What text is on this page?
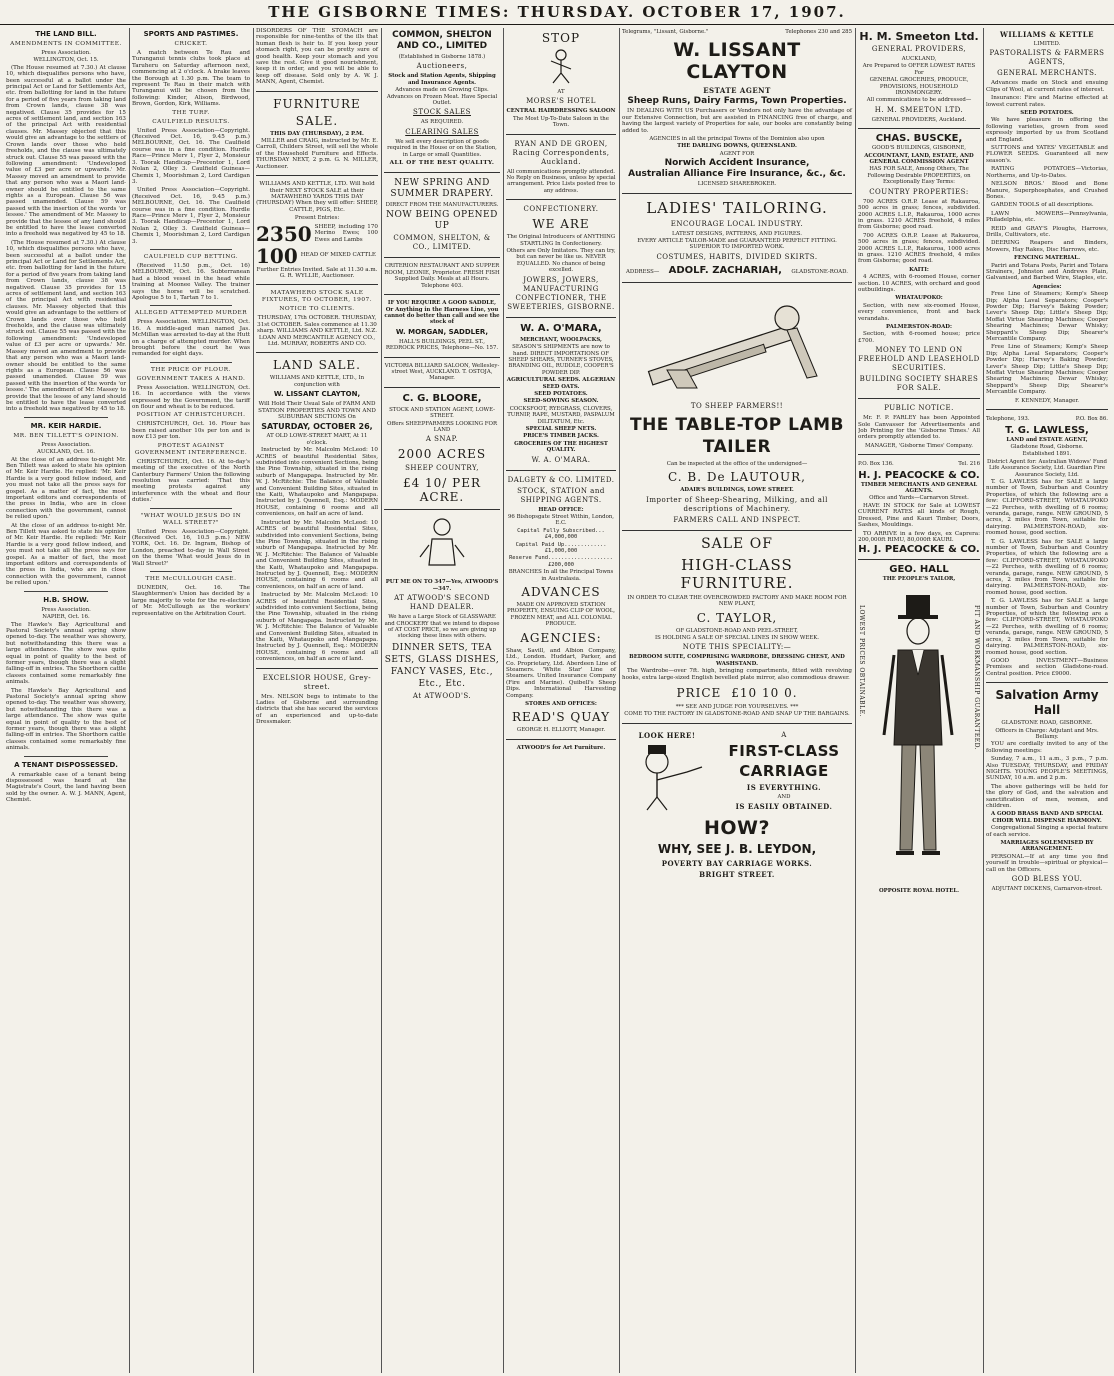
THE GISBORNE TIMES: THURSDAY. OCTOBER 17, 1907.
THE LAND BILL.
AMENDMENTS IN COMMITTEE.
Press Association.
WELLINGTON, Oct. 15.

(The House resumed at 7.30.) At clause 10, which disqualifies persons who have, been successful at a ballot under the principal Act or Land for Settlements Act, etc. from ballotting for land in the future for a period of five years from taking land from Crown lands, clause 38 was negatived. Clause 35 provides for 15 acres of settlement land, and section 163 of the principal Act with residential clauses. Mr. Massey objected that this would give an advantage to the settlers of Crown lands over those who held freeholds, and the clause was ultimately struck out. Clause 55 was passed with the following amendment: 'Undeveloped value of £3 per acre or upwards.' Mr. Massey moved an amendment to provide that any person who was a Maori land-owner should be entitled to the same rights as a European. Clause 56 was passed unamended. Clause 59 was passed with the insertion of the words 'or lessee.' The amendment of Mr. Massey to provide that the lessee of any land should be entitled to have the lease converted into a freehold was negatived by 45 to 18.

(The House resumed at 7.30.) At clause 10, which disqualifies persons who have, been successful at a ballot under the principal Act or Land for Settlements Act, etc. from ballotting for land in the future for a period of five years from taking land from Crown lands, clause 38 was negatived. Clause 35 provides for 15 acres of settlement land, and section 163 of the principal Act with residential clauses. Mr. Massey objected that this would give an advantage to the settlers of Crown lands over those who held freeholds, and the clause was ultimately struck out. Clause 55 was passed with the following amendment: 'Undeveloped value of £3 per acre or upwards.' Mr. Massey moved an amendment to provide that any person who was a Maori land-owner should be entitled to the same rights as a European. Clause 56 was passed unamended. Clause 59 was passed with the insertion of the words 'or lessee.' The amendment of Mr. Massey to provide that the lessee of any land should be entitled to have the lease converted into a freehold was negatived by 45 to 18.

MR. KEIR HARDIE.
MR. BEN TILLETT'S OPINION.
Press Association.
AUCKLAND, Oct. 16.

At the close of an address to-night Mr. Ben Tillett was asked to state his opinion of Mr. Keir Hardie. He replied: 'Mr. Keir Hardie is a very good fellow indeed, and you must not take all the press says for gospel. As a matter of fact, the most important editors and correspondents of the press in India, who are in close connection with the government, cannot be relied upon.'

At the close of an address to-night Mr. Ben Tillett was asked to state his opinion of Mr. Keir Hardie. He replied: 'Mr. Keir Hardie is a very good fellow indeed, and you must not take all the press says for gospel. As a matter of fact, the most important editors and correspondents of the press in India, who are in close connection with the government, cannot be relied upon.'

H.B. SHOW.
Press Association.
NAPIER, Oct. 16.

The Hawke's Bay Agricultural and Pastoral Society's annual spring show opened to-day. The weather was showery, but notwithstanding this there was a large attendance. The show was quite equal in point of quality to the best of former years, though there was a slight falling-off in entries. The Shorthorn cattle classes contained some remarkably fine animals.

The Hawke's Bay Agricultural and Pastoral Society's annual spring show opened to-day. The weather was showery, but notwithstanding this there was a large attendance. The show was quite equal in point of quality to the best of former years, though there was a slight falling-off in entries. The Shorthorn cattle classes contained some remarkably fine animals.

A TENANT DISPOSSESSED.

A remarkable case of a tenant being dispossessed was heard at the Magistrate's Court, the land having been sold by the owner. A. W. J. MANN, Agent, Chemist.

SPORTS AND PASTIMES.
CRICKET.

A match between Te Rau and Turanganui tennis clubs took place at Taruheru on Saturday afternoon next, commencing at 2 o'clock. A brake leaves the Borough at 1.30 p.m. The team to represent Te Rau in their match with Turanganui will be chosen from the following: Kinder, Alison, Birdwood, Brown, Gordon, Kirk, Williams.

THE TURF.
CAULFIELD RESULTS.

United Press Association—Copyright. (Received Oct. 16, 9.45 p.m.) MELBOURNE, Oct. 16. The Caulfield course was in a fine condition. Hurdle Race—Prince Merv 1, Flyer 2, Monsieur 3. Toorak Handicap—Precentor 1, Lord Nolan 2, Olley 3. Caulfield Guineas—Chemix 1, Moorishman 2, Lord Cardigan 3.

United Press Association—Copyright. (Received Oct. 16, 9.45 p.m.) MELBOURNE, Oct. 16. The Caulfield course was in a fine condition. Hurdle Race—Prince Merv 1, Flyer 2, Monsieur 3. Toorak Handicap—Precentor 1, Lord Nolan 2, Olley 3. Caulfield Guineas—Chemix 1, Moorishman 2, Lord Cardigan 3.

CAULFIELD CUP BETTING.

(Received 11.50 p.m., Oct. 16) MELBOURNE, Oct. 16. Subterranean had a blood vessel in the head while training at Moonee Valley. The trainer says the horse will be scratched. Apologue 5 to 1, Tartan 7 to 1.

ALLEGED ATTEMPTED MURDER

Press Association. WELLINGTON, Oct. 16. A middle-aged man named Jas. McMillan was arrested to-day at the Hutt on a charge of attempted murder. When brought before the court he was remanded for eight days.

THE PRICE OF FLOUR.
GOVERNMENT TAKES A HAND.

Press Association. WELLINGTON, Oct. 16. In accordance with the views expressed by the Government, the tariff on flour and wheat is to be reduced.

POSITION AT CHRISTCHURCH.

CHRISTCHURCH, Oct. 16. Flour has been raised another 10s per ton and is now £13 per ton.

PROTEST AGAINST GOVERNMENT INTERFERENCE.

CHRISTCHURCH, Oct. 16. At to-day's meeting of the executive of the North Canterbury Farmers' Union the following resolution was carried: 'That this meeting protests against any interference with the wheat and flour duties.'

"WHAT WOULD JESUS DO IN WALL STREET?"

United Press Association—Copyright. (Received Oct. 16, 10.5 p.m.) NEW YORK, Oct. 16. Dr. Ingram, Bishop of London, preached to-day in Wall Street on the theme 'What would Jesus do in Wall Street?'

THE McCULLOUGH CASE.

DUNEDIN, Oct. 16. The Slaughtermen's Union has decided by a large majority to vote for the re-election of Mr. McCullough as the workers' representative on the Arbitration Court.

DISORDERS OF THE STOMACH are responsible for nine-tenths of the ills that human flesh is heir to. If you keep your stomach right, you can be pretty sure of good health. Keep your stomach and you save the rest. Give it good nourishment, keep it in order, and you will be able to keep off disease. Sold only by A. W. J. MANN, Agent, Chemist.

FURNITURE
SALE.
THIS DAY (THURSDAY), 2 P.M.

MILLER and CRAIG, instructed by Mr. E. Carroll, Childers Street, will sell the whole of the Household Furniture and Effects. THURSDAY NEXT, 2 p.m. G. N. MILLER, Auctioneer.

WILLIAMS AND KETTLE, LTD. Will hold their NEXT STOCK SALE at their MATAWHERO YARDS THIS DAY (THURSDAY) When they will offer: SHEEP, CATTLE, PIGS, Etc.

Present Entries:
2350 SHEEP, including 170 Merino Ewes; 100 Ewes and Lambs
100 HEAD OF MIXED CATTLE

Further Entries Invited. Sale at 11.30 a.m. G. R. WYLLIE, Auctioneer.

MATAWHERO STOCK SALE FIXTURES, TO OCTOBER, 1907.
NOTICE TO CLIENTS.

THURSDAY, 17th OCTOBER. THURSDAY, 31st OCTOBER. Sales commence at 11.30 sharp. WILLIAMS AND KETTLE, Ltd. N.Z. LOAN AND MERCANTILE AGENCY CO., Ltd. MURRAY, ROBERTS AND CO.

LAND SALE.
WILLIAMS AND KETTLE, LTD., In conjunction with
W. LISSANT CLAYTON,

Will Hold Their Usual Sale of FARM AND STATION PROPERTIES AND TOWN AND SUBURBAN SECTIONS On

SATURDAY, OCTOBER 26,
AT OLD LOWE-STREET MART, At 11 o'clock.

Instructed by Mr. Malcolm McLeod: 10 ACRES of beautiful Residential Sites, subdivided into convenient Sections, being the Pine Township, situated in the rising suburb of Mangapapa. Instructed by Mr. W. J. McRitchie: The Balance of Valuable and Convenient Building Sites, situated in the Kaiti, Whataupoko and Mangapapa. Instructed by J. Quennell, Esq.: MODERN HOUSE, containing 6 rooms and all conveniences, on half an acre of land.

Instructed by Mr. Malcolm McLeod: 10 ACRES of beautiful Residential Sites, subdivided into convenient Sections, being the Pine Township, situated in the rising suburb of Mangapapa. Instructed by Mr. W. J. McRitchie: The Balance of Valuable and Convenient Building Sites, situated in the Kaiti, Whataupoko and Mangapapa. Instructed by J. Quennell, Esq.: MODERN HOUSE, containing 6 rooms and all conveniences, on half an acre of land.

Instructed by Mr. Malcolm McLeod: 10 ACRES of beautiful Residential Sites, subdivided into convenient Sections, being the Pine Township, situated in the rising suburb of Mangapapa. Instructed by Mr. W. J. McRitchie: The Balance of Valuable and Convenient Building Sites, situated in the Kaiti, Whataupoko and Mangapapa. Instructed by J. Quennell, Esq.: MODERN HOUSE, containing 6 rooms and all conveniences, on half an acre of land.

EXCELSIOR HOUSE, Grey-street.

Mrs. NELSON begs to intimate to the Ladies of Gisborne and surrounding districts that she has secured the services of an experienced and up-to-date Dressmaker.

COMMON, SHELTON AND CO., LIMITED
(Established in Gisborne 1878.)
Auctioneers,
Stock and Station Agents, Shipping and Insurance Agents.
Advances made on Growing Clips. Advances on Frozen Meat. Have Special Outlet.
STOCK SALES
AS REQUIRED.
CLEARING SALES
We sell every description of goods required in the House or on the Station, in Large or small Quantities.
ALL OF THE BEST QUALITY.
NEW SPRING AND SUMMER DRAPERY.
DIRECT FROM THE MANUFACTURERS.
NOW BEING OPENED UP
COMMON, SHELTON, & CO., LIMITED.
CRITERION RESTAURANT AND SUPPER ROOM, LEONIE, Proprietor. FRESH FISH Supplied Daily. Meals at all Hours. Telephone 403.
IF YOU REQUIRE A GOOD SADDLE, Or Anything in the Harness Line, you cannot do better than call and see the stock of
W. MORGAN, SADDLER,
HALL'S BUILDINGS, PEEL ST., REDROCK PRICES, Telephone—No. 157.
VICTORIA BILLIARD SALOON, Wellesley-street West, AUCKLAND. T. OSTOJA, Manager.
C. G. BLOORE,
STOCK AND STATION AGENT, LOWE-STREET.
Offers SHEEPFARMERS LOOKING FOR LAND
A SNAP.
2000 ACRES
SHEEP COUNTRY,
£4 10/ PER ACRE.
PUT ME ON TO 347—Yes, ATWOOD'S—347.
AT ATWOOD'S SECOND HAND DEALER.
We have a Large Stock of GLASSWARE and CROCKERY that we intend to dispose of AT COST PRICE, so we are giving up stocking these lines with others.
DINNER SETS, TEA SETS, GLASS DISHES, FANCY VASES, Etc., Etc., Etc.
At ATWOOD'S.
STOP
AT
MORSE'S HOTEL
CENTRAL HAIRDRESSING SALOON
The Most Up-To-Date Saloon in the Town.
RYAN AND DE GROEN, Racing Correspondents, Auckland.
All communications promptly attended. No Reply on Business, unless by special arrangement. Price Lists posted free to any address.
CONFECTIONERY.
WE ARE
The Original Introducers of ANYTHING STARTLING In Confectionery.
Others are Only Imitators. They can try, but can never be like us. NEVER EQUALLED. No chance of being excelled.
JOWERS, JOWERS, MANUFACTURING CONFECTIONER, THE SWEETERIES, GISBORNE.
W. A. O'MARA,
MERCHANT, WOOLPACKS,
SEASON'S SHIPMENTS are now to hand. DIRECT IMPORTATIONS OF SHEEP SHEARS, TURNER'S STOVES, BRANDING OIL, RUDDLE, COOPER'S POWDER DIP.
AGRICULTURAL SEEDS. ALGERIAN SEED OATS.
SEED POTATOES.
SEED-SOWING SEASON.
COCKSFOOT, RYEGRASS, CLOVERS, TURNIP, RAPE, MUSTARD, PASPALUM DILITATUM, Etc.
SPECIAL SHEEP NETS.
PRICE'S TIMBER JACKS.
GROCERIES OF THE HIGHEST QUALITY.
W. A. O'MARA.
DALGETY & CO. LIMITED.
STOCK, STATION and SHIPPING AGENTS.
HEAD OFFICE:
96 Bishopsgate Street Within, London, E.C.
Capital Fully Subscribed...£4,000,000
Capital Paid Up.............£1,000,000
Reserve Fund....................£200,000
BRANCHES In all the Principal Towns in Australasia.
ADVANCES
MADE ON APPROVED STATION PROPERTY, ENSUING CLIP OF WOOL, FROZEN MEAT, and ALL COLONIAL PRODUCE.
AGENCIES:

Shaw, Savill, and Albion Company, Ltd., London. Huddart, Parker, and Co. Proprietary, Ltd. Aberdeen Line of Steamers. 'White Star' Line of Steamers. United Insurance Company (Fire and Marine). Quibell's Sheep Dips. International Harvesting Company.

STORES AND OFFICES:
READ'S QUAY
GEORGE H. ELLIOTT, Manager.
ATWOOD'S for Art Furniture.
Telegrams, "Lissant, Gisborne."	Telephones 230 and 285
W. LISSANT CLAYTON
ESTATE AGENT
Sheep Runs, Dairy Farms, Town Properties.

IN DEALING WITH US Purchasers or Vendors not only have the advantage of our Extensive Connection, but are assisted in FINANCING free of charge, and having the largest variety of Properties for sale, our books are constantly being added to.

AGENCIES in all the principal Towns of the Dominion also upon
THE DARLING DOWNS, QUEENSLAND.
AGENT FOR
Norwich Accident Insurance,
Australian Alliance Fire Insurance, &c., &c.
LICENSED SHAREBROKER.
LADIES' TAILORING.
ENCOURAGE LOCAL INDUSTRY.
LATEST DESIGNS, PATTERNS, AND FIGURES.
EVERY ARTICLE TAILOR-MADE and GUARANTEED PERFECT FITTING. SUPERIOR TO IMPORTED WORK.
COSTUMES, HABITS, DIVIDED SKIRTS.
ADDRESS— ADOLF. ZACHARIAH, GLADSTONE-ROAD.
TO SHEEP FARMERS!!
THE TABLE-TOP LAMB TAILER
Can be inspected at the office of the undersigned—
C. B. De LAUTOUR,
ADAIR'S BUILDINGS, LOWE STREET.
Importer of Sheep-Shearing, Milking, and all descriptions of Machinery.
FARMERS CALL AND INSPECT.
SALE OF
HIGH-CLASS FURNITURE.
IN ORDER TO CLEAR THE OVERCROWDED FACTORY AND MAKE ROOM FOR NEW PLANT,
C. TAYLOR,
OF GLADSTONE-ROAD AND PEEL-STREET,
IS HOLDING A SALE OF SPECIAL LINES IN SHOW WEEK.
NOTE THIS SPECIALITY:—
BEDROOM SUITE, COMPRISING WARDROBE, DRESSING CHEST, AND WASHSTAND.

The Wardrobe—over 7ft. high, bringing compartments, fitted with revolving hooks, extra large-sized English bevelled plate mirror, also commodious drawer.

PRICE £10 10 0.
*** SEE AND JUDGE FOR YOURSELVES. ***
COME TO THE FACTORY IN GLADSTONE-ROAD AND SNAP UP THE BARGAINS.
LOOK HERE!	A
FIRST-CLASS
CARRIAGE
IS EVERYTHING.
AND
IS EASILY OBTAINED.
HOW?
WHY, SEE J. B. LEYDON,
POVERTY BAY CARRIAGE WORKS.
BRIGHT STREET.
H. M. Smeeton Ltd.
GENERAL PROVIDERS,
AUCKLAND,
Are Prepared to OFFER LOWEST RATES For
GENERAL GROCERIES, PRODUCE, PROVISIONS, HOUSEHOLD IRONMONGERY.
All communications to be addressed—
H. M. SMEETON LTD.
GENERAL PROVIDERS, Auckland.
CHAS. BUSCKE,
GOOD'S BUILDINGS, GISBORNE,
ACCOUNTANT, LAND, ESTATE, AND GENERAL COMMISSION AGENT
HAS FOR SALE, Among Others, The Following Desirable PROPERTIES, on Exceptionally Easy Terms:
COUNTRY PROPERTIES:

700 ACRES O.R.P. Lease at Rakauroa, 500 acres in grass; fences, subdivided. 2000 ACRES L.I.P., Rakauroa, 1000 acres in grass. 1210 ACRES freehold, 4 miles from Gisborne; good road.

700 ACRES O.R.P. Lease at Rakauroa, 500 acres in grass; fences, subdivided. 2000 ACRES L.I.P., Rakauroa, 1000 acres in grass. 1210 ACRES freehold, 4 miles from Gisborne; good road.

KAITI:

4 ACRES, with 6-roomed House, corner section. 10 ACRES, with orchard and good outbuildings.

WHATAUPOKO:

Section, with new six-roomed House, every convenience, front and back verandahs.

PALMERSTON-ROAD:

Section, with 6-roomed house; price £700.

MONEY TO LEND ON FREEHOLD AND LEASEHOLD SECURITIES.
BUILDING SOCIETY SHARES FOR SALE.
PUBLIC NOTICE.

Mr. F. P. FARLEY has been Appointed Sole Canvasser for Advertisements and Job Printing for the 'Gisborne Times.' All orders promptly attended to.

MANAGER, 'Gisborne Times' Company.
P.O. Box 136.	Tel. 216
H. J. PEACOCKE & CO.
TIMBER MERCHANTS AND GENERAL AGENTS.
Office and Yards—Carnarvon Street.

HAVE IN STOCK for Sale at LOWEST CURRENT RATES all kinds of Rough, Dressed, Pine and Kauri Timber, Doors, Sashes, Mouldings.

TO ARRIVE in a few days, ex Caprera: 200,000ft RIMU, 80,000ft KAURI.

H. J. PEACOCKE & CO.
GEO. HALL
THE PEOPLE'S TAILOR,
LOWEST PRICES OBTAINABLE.	FIT AND WORKMANSHIP GUARANTEED.
OPPOSITE ROYAL HOTEL.
WILLIAMS & KETTLE
LIMITED.
PASTORALISTS & FARMERS AGENTS,
GENERAL MERCHANTS.

Advances made on Stock and ensuing Clips of Wool, at current rates of interest.

Insurance: Fire and Marine effected at lowest current rates.

SEED POTATOES.

We have pleasure in offering the following varieties, grown from seed expressly imported by us from Scotland and England.

SUTTONS and YATES' VEGETABLE and FLOWER SEEDS. Guaranteed all new season's.

RATING POTATOES—Victorias, Northerns, and Up-to-Dates.

NELSON BROS.' Blood and Bone Manure, Superphosphates, and Crushed Bones.

GARDEN TOOLS of all descriptions.

LAWN MOWERS—Pennsylvania, Philadelphia, etc.

REID and GRAY'S Ploughs, Harrows, Drills, Cultivators, etc.

DEERING Reapers and Binders, Mowers, Hay Rakes, Disc Harrows, etc.

FENCING MATERIAL.

Pariri and Totara Posts, Pariri and Totara Strainers, Johnston and Andrews Plain, Galvanised, and Barbed Wire, Staples, etc.

Agencies:

Free Line of Steamers; Kemp's Sheep Dip; Alpha Laval Separators; Cooper's Powder Dip; Harvey's Baking Powder; Lever's Sheep Dip; Little's Sheep Dip; Moffat Virtue Shearing Machines; Cooper Shearing Machines; Dewar Whisky; Sheppard's Sheep Dip; Shearer's Mercantile Company.

Free Line of Steamers; Kemp's Sheep Dip; Alpha Laval Separators; Cooper's Powder Dip; Harvey's Baking Powder; Lever's Sheep Dip; Little's Sheep Dip; Moffat Virtue Shearing Machines; Cooper Shearing Machines; Dewar Whisky; Sheppard's Sheep Dip; Shearer's Mercantile Company.

F. KENNEDY, Manager.
Telephone, 193.	P.O. Box 86.
T. G. LAWLESS,
LAND and ESTATE AGENT,
Gladstone Road, Gisborne.
Established 1891.
District Agent for: Australian Widows' Fund Life Assurance Society, Ltd. Guardian Fire Assurance Society, Ltd.

T. G. LAWLESS has for SALE a large number of Town, Suburban and Country Properties, of which the following are a few: CLIFFORD-STREET, WHATAUPOKO—22 Perches, with dwelling of 6 rooms; veranda, garage, range. NEW GROUND, 5 acres, 2 miles from Town, suitable for dairying. PALMERSTON-ROAD, six-roomed house, good section.

T. G. LAWLESS has for SALE a large number of Town, Suburban and Country Properties, of which the following are a few: CLIFFORD-STREET, WHATAUPOKO—22 Perches, with dwelling of 6 rooms; veranda, garage, range. NEW GROUND, 5 acres, 2 miles from Town, suitable for dairying. PALMERSTON-ROAD, six-roomed house, good section.

T. G. LAWLESS has for SALE a large number of Town, Suburban and Country Properties, of which the following are a few: CLIFFORD-STREET, WHATAUPOKO—22 Perches, with dwelling of 6 rooms; veranda, garage, range. NEW GROUND, 5 acres, 2 miles from Town, suitable for dairying. PALMERSTON-ROAD, six-roomed house, good section.

GOOD INVESTMENT—Business Premises and section Gladstone-road. Central position. Price £9000.

Salvation Army Hall
GLADSTONE ROAD, GISBORNE.
Officers in Charge: Adjutant and Mrs. Bellamy.

YOU are cordially invited to any of the following meetings:

Sunday, 7 a.m., 11 a.m., 3 p.m., 7 p.m. Also TUESDAY, THURSDAY, and FRIDAY NIGHTS. YOUNG PEOPLE'S MEETINGS, SUNDAY, 10 a.m. and 2 p.m.

The above gatherings will be held for the glory of God, and the salvation and sanctification of men, women, and children.

A GOOD BRASS BAND AND SPECIAL CHOIR WILL DISPENSE HARMONY.

Congregational Singing a special feature of each service.

MARRIAGES SOLEMNISED BY ARRANGEMENT.

PERSONAL—If at any time you find yourself in trouble—spiritual or physical—call on the Officers.

GOD BLESS YOU.
ADJUTANT DICKENS, Carnarvon-street.
